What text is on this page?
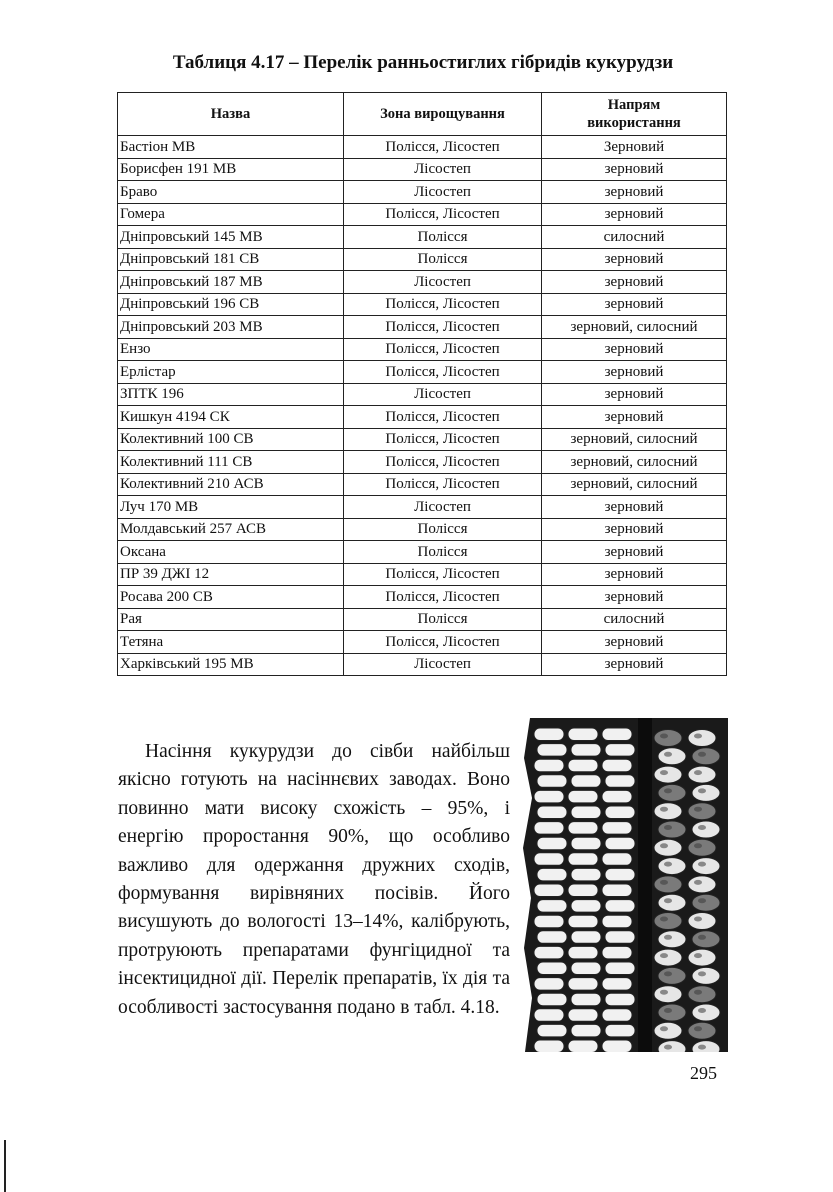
Таблиця 4.17 – Перелік ранньостиглих гібридів кукурудзи
Назва	Зона вирощування	Напрям
використання
Бастіон МВ	Полісся, Лісостеп	Зерновий
Борисфен 191 МВ	Лісостеп	зерновий
Браво	Лісостеп	зерновий
Гомера	Полісся, Лісостеп	зерновий
Дніпровський 145 МВ	Полісся	силосний
Дніпровський 181 СВ	Полісся	зерновий
Дніпровський 187 МВ	Лісостеп	зерновий
Дніпровський 196 СВ	Полісся, Лісостеп	зерновий
Дніпровський 203 МВ	Полісся, Лісостеп	зерновий, силосний
Ензо	Полісся, Лісостеп	зерновий
Ерлістар	Полісся, Лісостеп	зерновий
ЗПТК 196	Лісостеп	зерновий
Кишкун 4194 СК	Полісся, Лісостеп	зерновий
Колективний 100 СВ	Полісся, Лісостеп	зерновий, силосний
Колективний 111 СВ	Полісся, Лісостеп	зерновий, силосний
Колективний 210 АСВ	Полісся, Лісостеп	зерновий, силосний
Луч 170 МВ	Лісостеп	зерновий
Молдавський 257 АСВ	Полісся	зерновий
Оксана	Полісся	зерновий
ПР 39 ДЖІ 12	Полісся, Лісостеп	зерновий
Росава 200 СВ	Полісся, Лісостеп	зерновий
Рая	Полісся	силосний
Тетяна	Полісся, Лісостеп	зерновий
Харківський 195 МВ	Лісостеп	зерновий

Насіння кукурудзи до сівби найбільш якісно готують на насіннєвих заводах. Воно повинно мати високу схожість – 95%, і енергію проростання 90%, що особливо важливо для одержання дружних сходів, формування вирівняних посівів. Його висушують до вологості 13–14%, калібрують, протруюють препаратами фунгіцидної та інсектицидної дії. Перелік препаратів, їх дія та особливості застосування подано в табл. 4.18.

295
